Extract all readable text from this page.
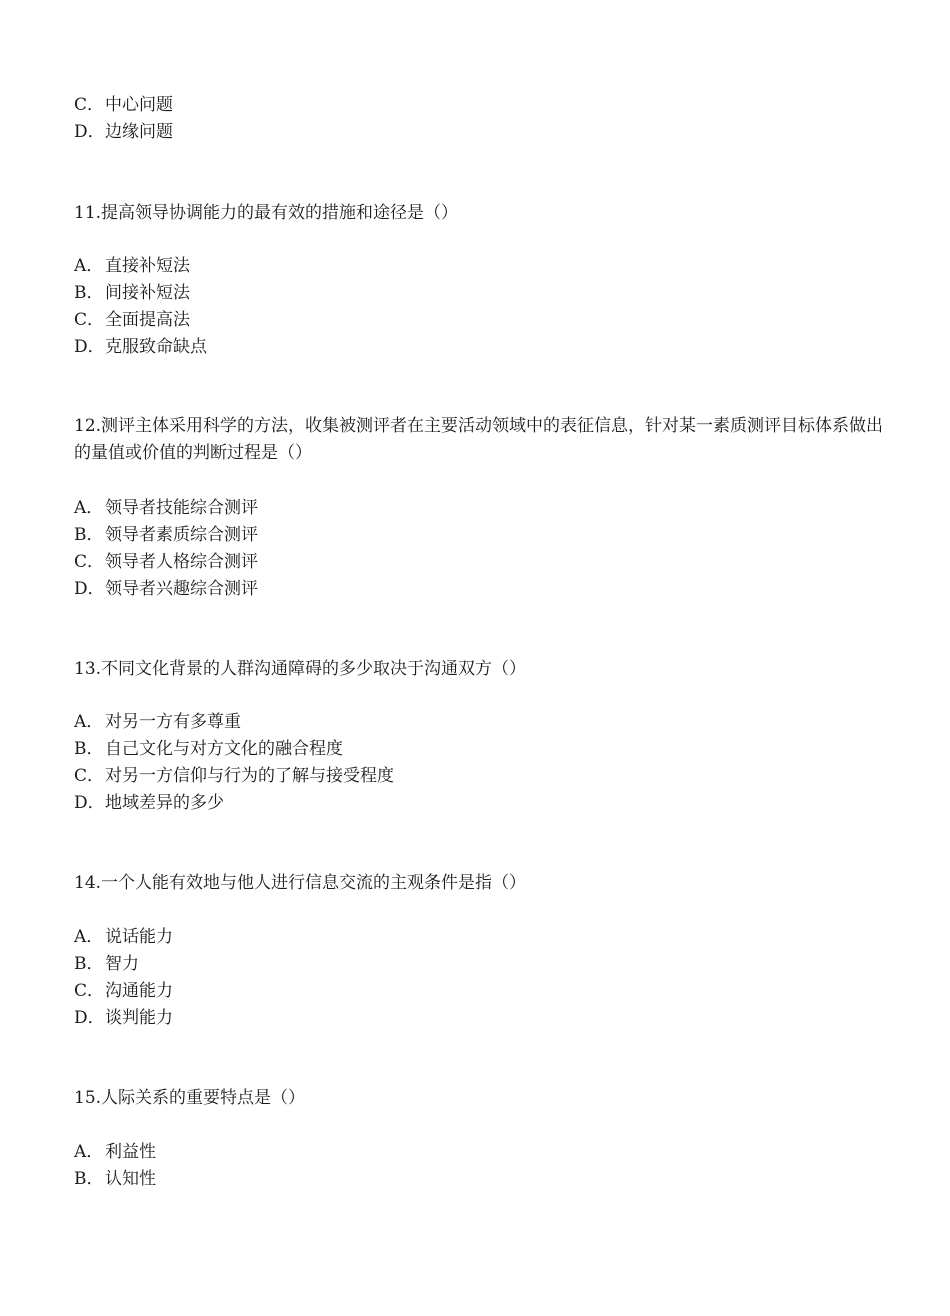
C．中心问题
D．边缘问题
11.提高领导协调能力的最有效的措施和途径是（）
A． 直接补短法
B．间接补短法
C．全面提高法
D．克服致命缺点
12.测评主体采用科学的方法，收集被测评者在主要活动领域中的表征信息，针对某一素质测评目标体系做出的量值或价值的判断过程是（）
A． 领导者技能综合测评
B．领导者素质综合测评
C．领导者人格综合测评
D．领导者兴趣综合测评
13.不同文化背景的人群沟通障碍的多少取决于沟通双方（）
A． 对另一方有多尊重
B．自己文化与对方文化的融合程度
C．对另一方信仰与行为的了解与接受程度
D．地域差异的多少
14.一个人能有效地与他人进行信息交流的主观条件是指（）
A． 说话能力
B．智力
C．沟通能力
D．谈判能力
15.人际关系的重要特点是（）
A． 利益性
B．认知性
